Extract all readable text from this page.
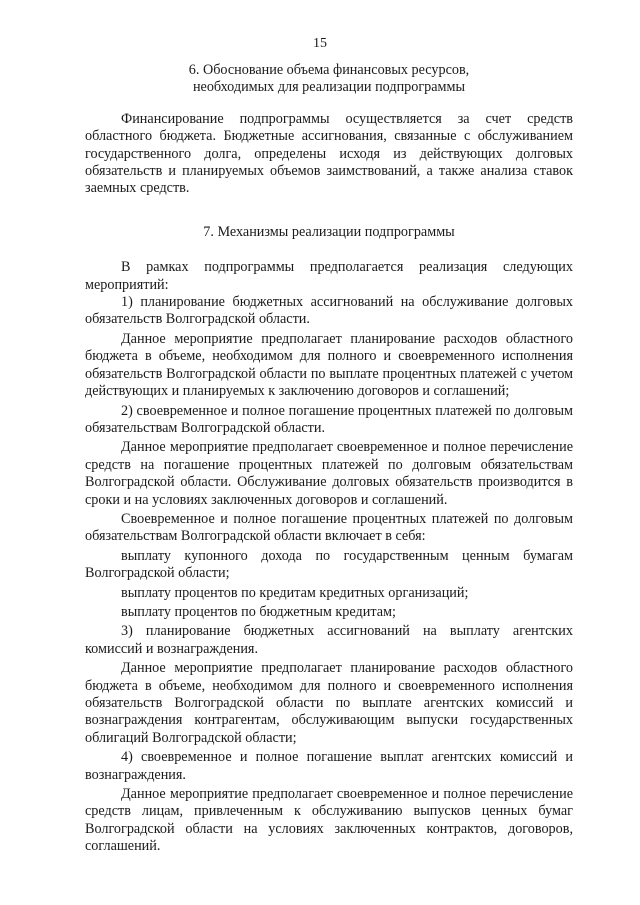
15
6. Обоснование объема финансовых ресурсов,
необходимых для реализации подпрограммы

Финансирование подпрограммы осуществляется за счет средств областного бюджета. Бюджетные ассигнования, связанные с обслуживанием государственного долга, определены исходя из действующих долговых обязательств и планируемых объемов заимствований, а также анализа ставок заемных средств.

7. Механизмы реализации подпрограммы

В рамках подпрограммы предполагается реализация следующих мероприятий:

1) планирование бюджетных ассигнований на обслуживание долговых обязательств Волгоградской области.

Данное мероприятие предполагает планирование расходов областного бюджета в объеме, необходимом для полного и своевременного исполнения обязательств Волгоградской области по выплате процентных платежей с учетом действующих и планируемых к заключению договоров и соглашений;

2) своевременное и полное погашение процентных платежей по долговым обязательствам Волгоградской области.

Данное мероприятие предполагает своевременное и полное перечисление средств на погашение процентных платежей по долговым обязательствам Волгоградской области. Обслуживание долговых обязательств производится в сроки и на условиях заключенных договоров и соглашений.

Своевременное и полное погашение процентных платежей по долговым обязательствам Волгоградской области включает в себя:

выплату купонного дохода по государственным ценным бумагам Волгоградской области;

выплату процентов по кредитам кредитных организаций;

выплату процентов по бюджетным кредитам;

3) планирование бюджетных ассигнований на выплату агентских комиссий и вознаграждения.

Данное мероприятие предполагает планирование расходов областного бюджета в объеме, необходимом для полного и своевременного исполнения обязательств Волгоградской области по выплате агентских комиссий и вознаграждения контрагентам, обслуживающим выпуски государственных облигаций Волгоградской области;

4) своевременное и полное погашение выплат агентских комиссий и вознаграждения.

Данное мероприятие предполагает своевременное и полное перечисление средств лицам, привлеченным к обслуживанию выпусков ценных бумаг Волгоградской области на условиях заключенных контрактов, договоров, соглашений.
